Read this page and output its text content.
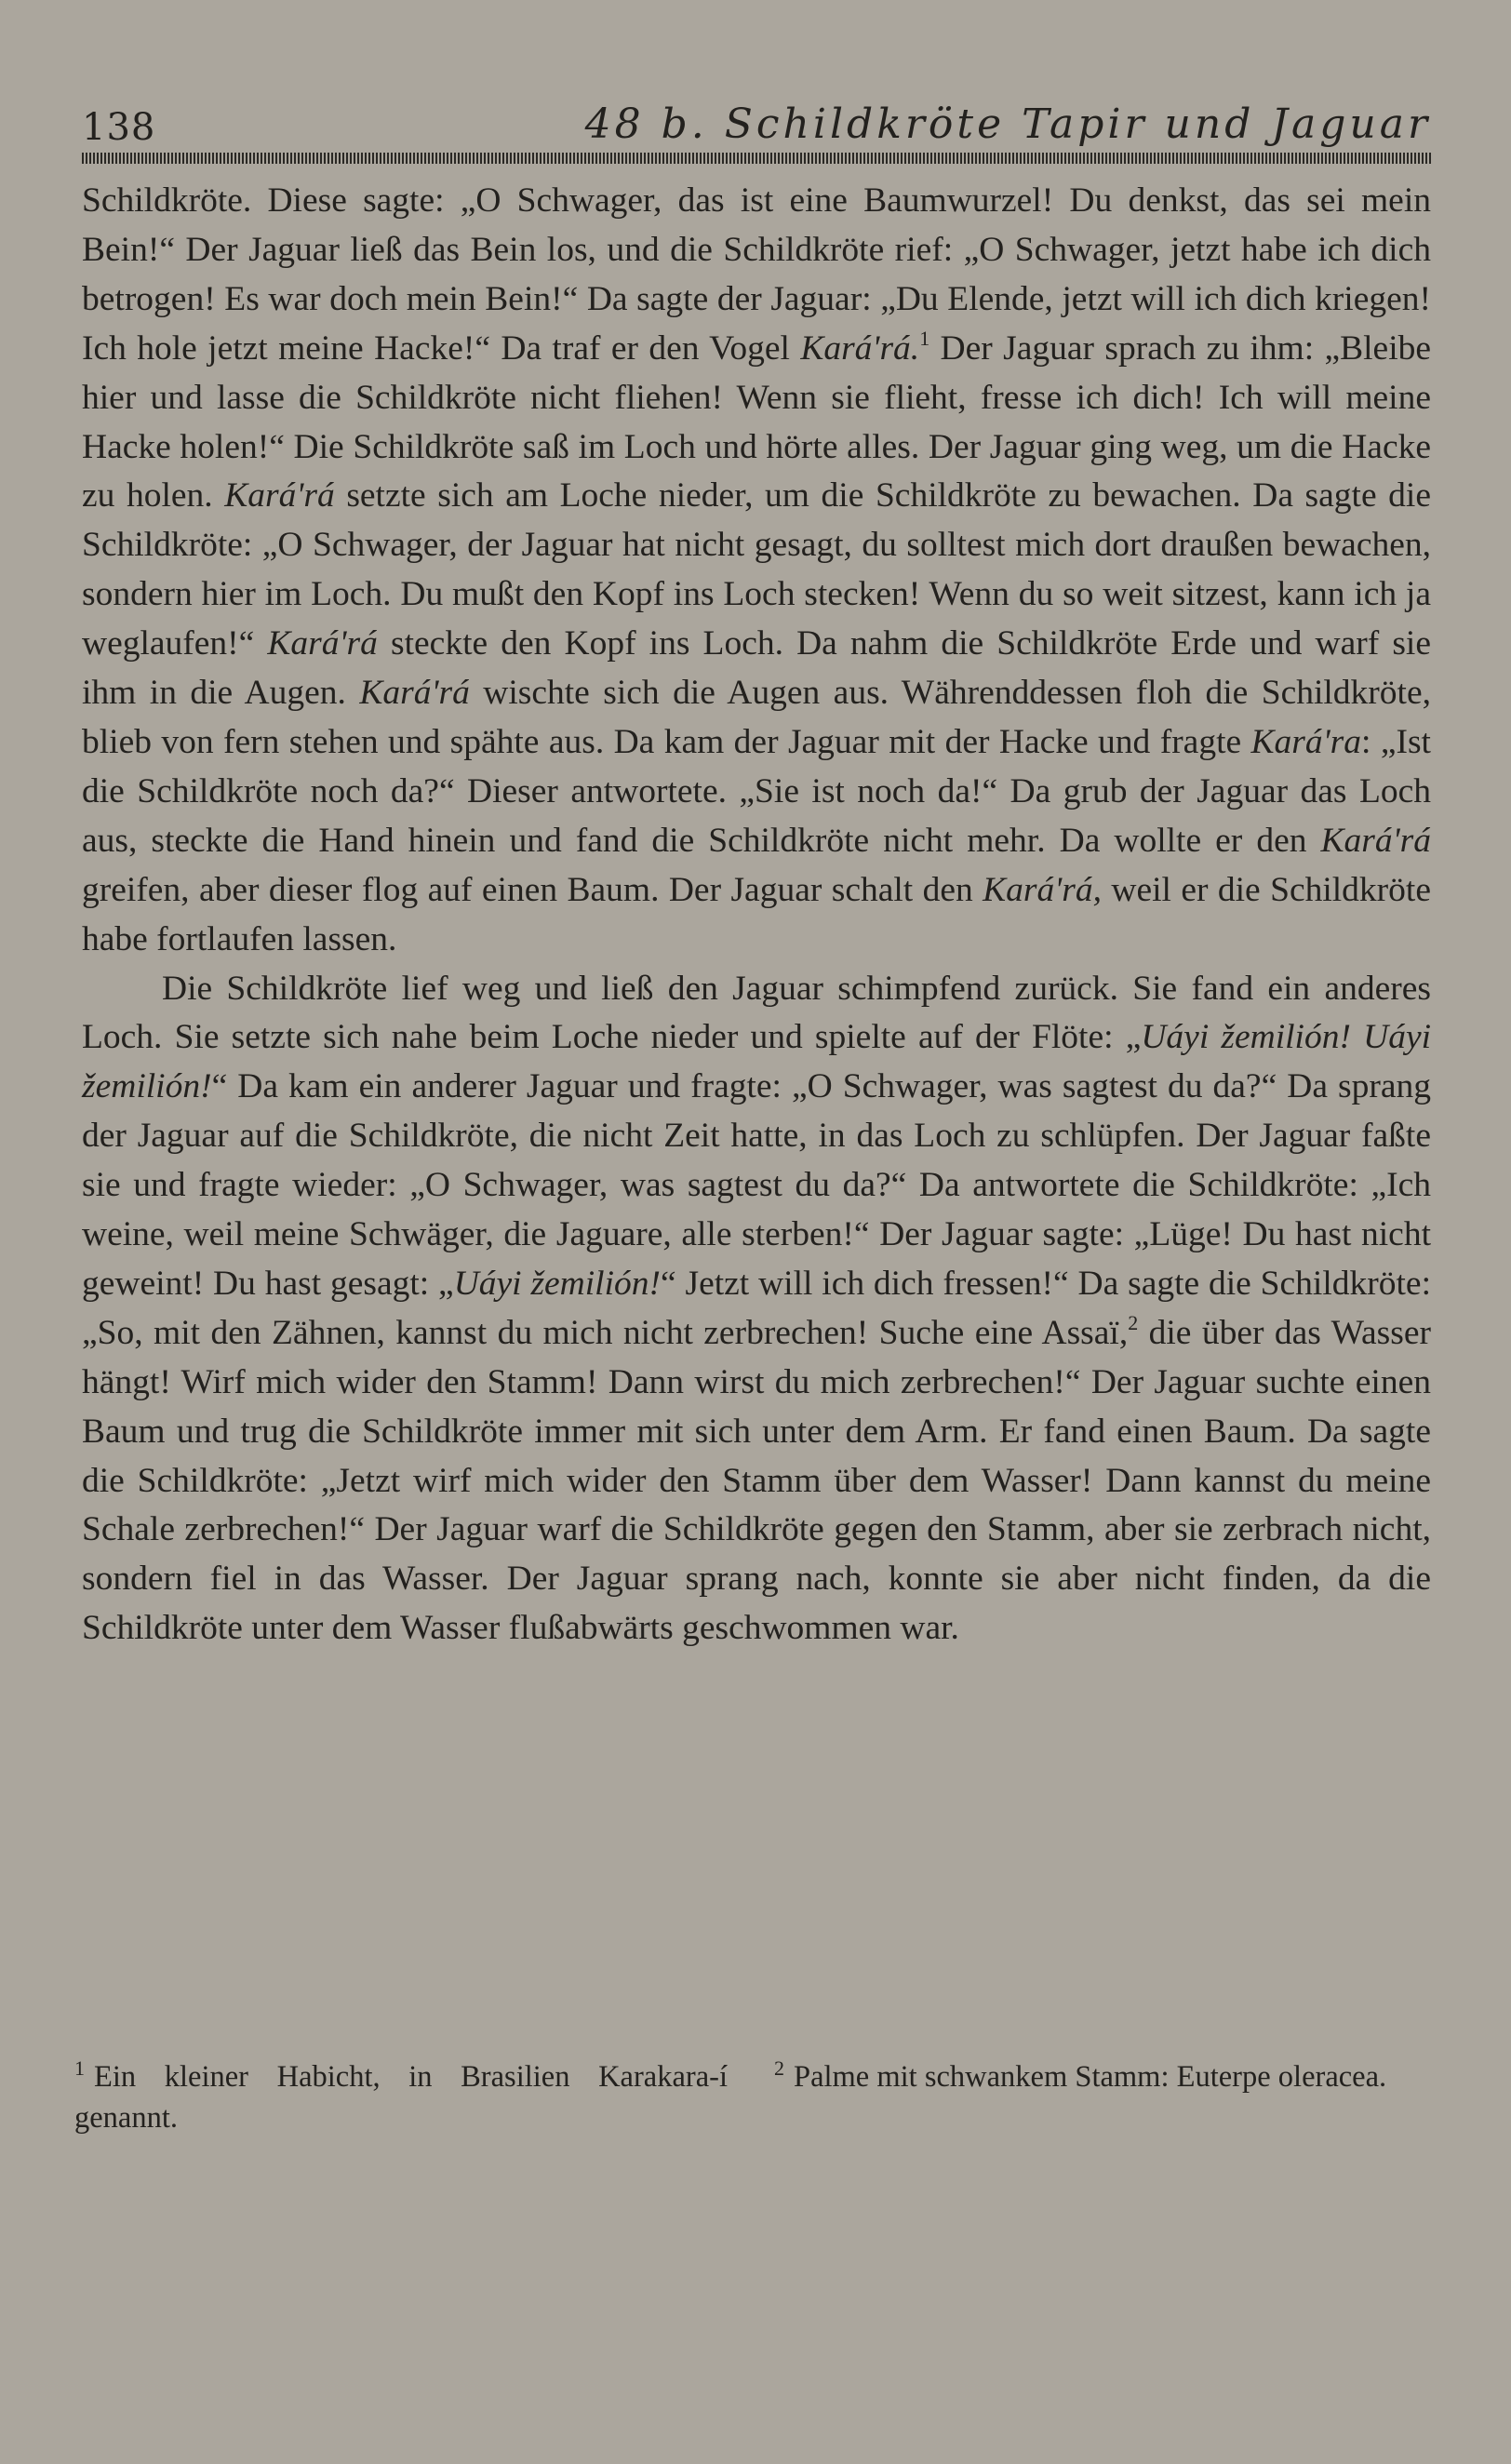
138	48 b. Schildkröte Tapir und Jaguar

Schildkröte. Diese sagte: „O Schwager, das ist eine Baumwurzel! Du denkst, das sei mein Bein!“ Der Jaguar ließ das Bein los, und die Schildkröte rief: „O Schwager, jetzt habe ich dich betrogen! Es war doch mein Bein!“ Da sagte der Jaguar: „Du Elende, jetzt will ich dich kriegen! Ich hole jetzt meine Hacke!“ Da traf er den Vogel Kará'rá.$^1$ Der Jaguar sprach zu ihm: „Bleibe hier und lasse die Schildkröte nicht fliehen! Wenn sie flieht, fresse ich dich! Ich will meine Hacke holen!“ Die Schildkröte saß im Loch und hörte alles. Der Jaguar ging weg, um die Hacke zu holen. Kará'rá setzte sich am Loche nieder, um die Schildkröte zu bewachen. Da sagte die Schildkröte: „O Schwager, der Jaguar hat nicht gesagt, du solltest mich dort draußen bewachen, sondern hier im Loch. Du mußt den Kopf ins Loch stecken! Wenn du so weit sitzest, kann ich ja weglaufen!“ Kará'rá steckte den Kopf ins Loch. Da nahm die Schildkröte Erde und warf sie ihm in die Augen. Kará'rá wischte sich die Augen aus. Währenddessen floh die Schildkröte, blieb von fern stehen und spähte aus. Da kam der Jaguar mit der Hacke und fragte Kará'ra: „Ist die Schildkröte noch da?“ Dieser antwortete. „Sie ist noch da!“ Da grub der Jaguar das Loch aus, steckte die Hand hinein und fand die Schildkröte nicht mehr. Da wollte er den Kará'rá greifen, aber dieser flog auf einen Baum. Der Jaguar schalt den Kará'rá, weil er die Schildkröte habe fortlaufen lassen.

Die Schildkröte lief weg und ließ den Jaguar schimpfend zurück. Sie fand ein anderes Loch. Sie setzte sich nahe beim Loche nieder und spielte auf der Flöte: „Uáyi žemilión! Uáyi žemilión!“ Da kam ein anderer Jaguar und fragte: „O Schwager, was sagtest du da?“ Da sprang der Jaguar auf die Schildkröte, die nicht Zeit hatte, in das Loch zu schlüpfen. Der Jaguar faßte sie und fragte wieder: „O Schwager, was sagtest du da?“ Da antwortete die Schildkröte: „Ich weine, weil meine Schwäger, die Jaguare, alle sterben!“ Der Jaguar sagte: „Lüge! Du hast nicht geweint! Du hast gesagt: „Uáyi žemilión!“ Jetzt will ich dich fressen!“ Da sagte die Schildkröte: „So, mit den Zähnen, kannst du mich nicht zerbrechen! Suche eine Assaï,$^2$ die über das Wasser hängt! Wirf mich wider den Stamm! Dann wirst du mich zerbrechen!“ Der Jaguar suchte einen Baum und trug die Schildkröte immer mit sich unter dem Arm. Er fand einen Baum. Da sagte die Schildkröte: „Jetzt wirf mich wider den Stamm über dem Wasser! Dann kannst du meine Schale zerbrechen!“ Der Jaguar warf die Schildkröte gegen den Stamm, aber sie zerbrach nicht, sondern fiel in das Wasser. Der Jaguar sprang nach, konnte sie aber nicht finden, da die Schildkröte unter dem Wasser flußabwärts geschwommen war.

$^1$ Ein kleiner Habicht, in Brasilien Karakara-í genannt.
$^2$ Palme mit schwankem Stamm: Euterpe oleracea.
